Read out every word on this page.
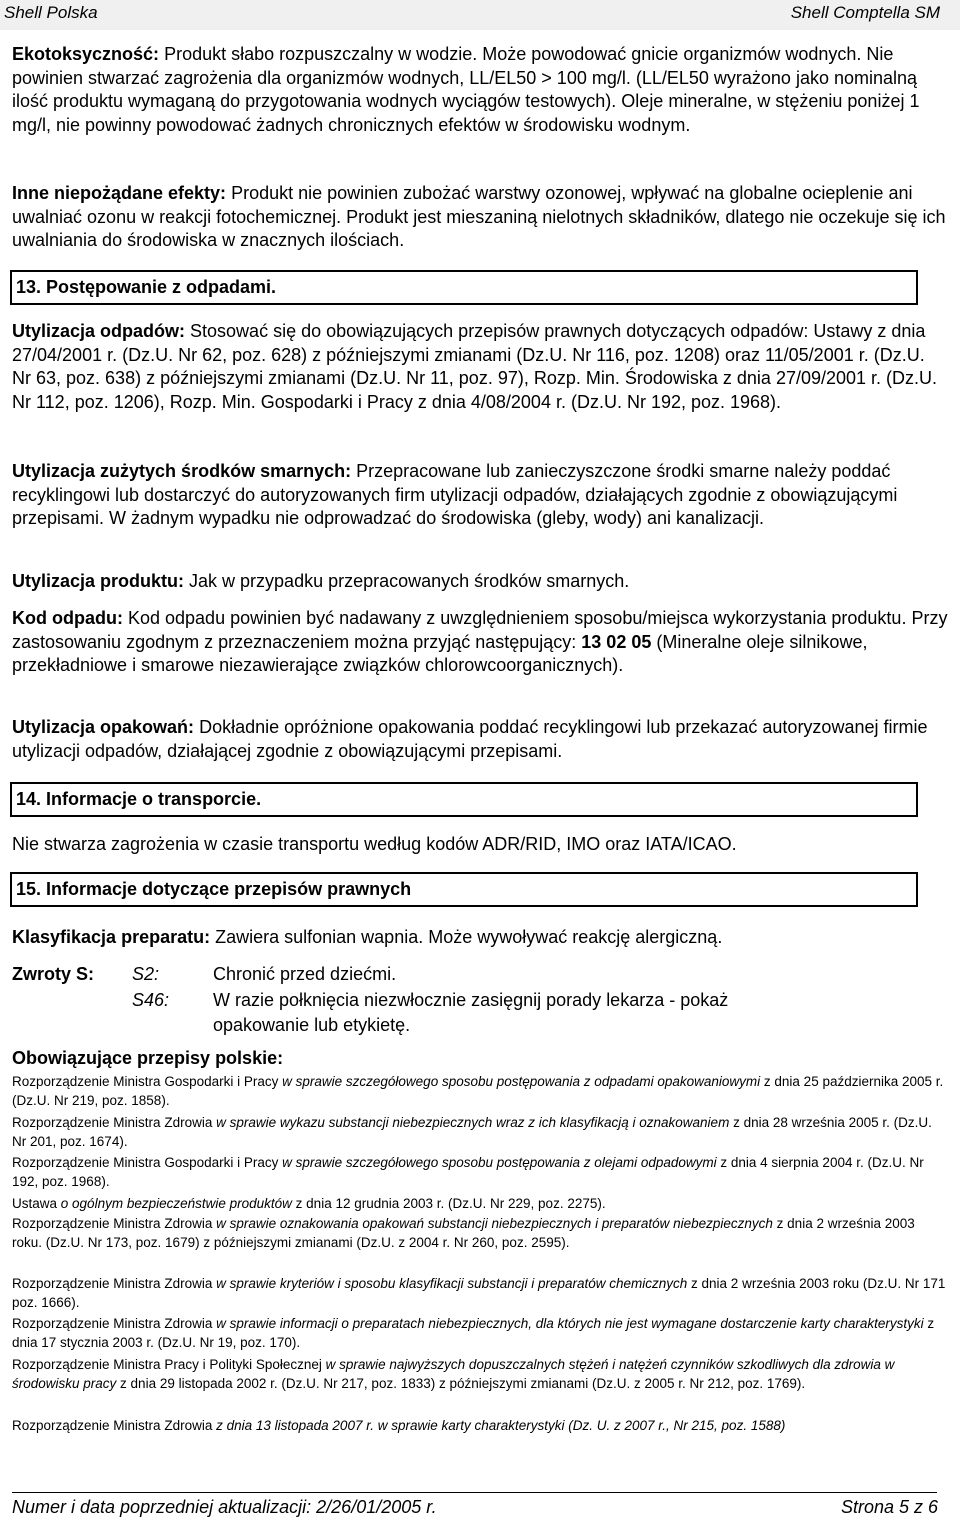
Shell Polska	Shell Comptella SM

Ekotoksyczność: Produkt słabo rozpuszczalny w wodzie. Może powodować gnicie organizmów wodnych. Nie powinien stwarzać zagrożenia dla organizmów wodnych, LL/EL50 > 100 mg/l. (LL/EL50 wyrażono jako nominalną ilość produktu wymaganą do przygotowania wodnych wyciągów testowych). Oleje mineralne, w stężeniu poniżej 1 mg/l, nie powinny powodować żadnych chronicznych efektów w środowisku wodnym.

Inne niepożądane efekty: Produkt nie powinien zubożać warstwy ozonowej, wpływać na globalne ocieplenie ani uwalniać ozonu w reakcji fotochemicznej. Produkt jest mieszaniną nielotnych składników, dlatego nie oczekuje się ich uwalniania do środowiska w znacznych ilościach.

13. Postępowanie z odpadami.

Utylizacja odpadów: Stosować się do obowiązujących przepisów prawnych dotyczących odpadów: Ustawy z dnia 27/04/2001 r. (Dz.U. Nr 62, poz. 628) z późniejszymi zmianami (Dz.U. Nr 116, poz. 1208) oraz 11/05/2001 r. (Dz.U. Nr 63, poz. 638) z późniejszymi zmianami (Dz.U. Nr 11, poz. 97), Rozp. Min. Środowiska z dnia 27/09/2001 r. (Dz.U. Nr 112, poz. 1206), Rozp. Min. Gospodarki i Pracy z dnia 4/08/2004 r. (Dz.U. Nr 192, poz. 1968).

Utylizacja zużytych środków smarnych: Przepracowane lub zanieczyszczone środki smarne należy poddać recyklingowi lub dostarczyć do autoryzowanych firm utylizacji odpadów, działających zgodnie z obowiązującymi przepisami. W żadnym wypadku nie odprowadzać do środowiska (gleby, wody) ani kanalizacji.

Utylizacja produktu: Jak w przypadku przepracowanych środków smarnych.

Kod odpadu: Kod odpadu powinien być nadawany z uwzględnieniem sposobu/miejsca wykorzystania produktu. Przy zastosowaniu zgodnym z przeznaczeniem można przyjąć następujący: 13 02 05 (Mineralne oleje silnikowe, przekładniowe i smarowe niezawierające związków chlorowcoorganicznych).

Utylizacja opakowań: Dokładnie opróżnione opakowania poddać recyklingowi lub przekazać autoryzowanej firmie utylizacji odpadów, działającej zgodnie z obowiązującymi przepisami.

14. Informacje o transporcie.

Nie stwarza zagrożenia w czasie transportu według kodów ADR/RID, IMO oraz IATA/ICAO.

15. Informacje dotyczące przepisów prawnych

Klasyfikacja preparatu: Zawiera sulfonian wapnia. Może wywoływać reakcję alergiczną.

Zwroty S: S2:	Chronić przed dziećmi.
S46: W razie połknięcia niezwłocznie zasięgnij porady lekarza - pokaż
opakowanie lub etykietę.
Obowiązujące przepisy polskie:

Rozporządzenie Ministra Gospodarki i Pracy w sprawie szczegółowego sposobu postępowania z odpadami opakowaniowymi z dnia 25 października 2005 r. (Dz.U. Nr 219, poz. 1858).

Rozporządzenie Ministra Zdrowia w sprawie wykazu substancji niebezpiecznych wraz z ich klasyfikacją i oznakowaniem z dnia 28 września 2005 r. (Dz.U. Nr 201, poz. 1674).

Rozporządzenie Ministra Gospodarki i Pracy w sprawie szczegółowego sposobu postępowania z olejami odpadowymi z dnia 4 sierpnia 2004 r. (Dz.U. Nr 192, poz. 1968).

Ustawa o ogólnym bezpieczeństwie produktów z dnia 12 grudnia 2003 r. (Dz.U. Nr 229, poz. 2275).

Rozporządzenie Ministra Zdrowia w sprawie oznakowania opakowań substancji niebezpiecznych i preparatów niebezpiecznych z dnia 2 września 2003 roku. (Dz.U. Nr 173, poz. 1679) z późniejszymi zmianami (Dz.U. z 2004 r. Nr 260, poz. 2595).

Rozporządzenie Ministra Zdrowia w sprawie kryteriów i sposobu klasyfikacji substancji i preparatów chemicznych z dnia 2 września 2003 roku (Dz.U. Nr 171 poz. 1666).

Rozporządzenie Ministra Zdrowia w sprawie informacji o preparatach niebezpiecznych, dla których nie jest wymagane dostarczenie karty charakterystyki z dnia 17 stycznia 2003 r. (Dz.U. Nr 19, poz. 170).

Rozporządzenie Ministra Pracy i Polityki Społecznej w sprawie najwyższych dopuszczalnych stężeń i natężeń czynników szkodliwych dla zdrowia w środowisku pracy z dnia 29 listopada 2002 r. (Dz.U. Nr 217, poz. 1833) z późniejszymi zmianami (Dz.U. z 2005 r. Nr 212, poz. 1769).

Rozporządzenie Ministra Zdrowia z dnia 13 listopada 2007 r. w sprawie karty charakterystyki (Dz. U. z 2007 r., Nr 215, poz. 1588)

Numer i data poprzedniej aktualizacji: 2/26/01/2005 r.	Strona 5 z 6
